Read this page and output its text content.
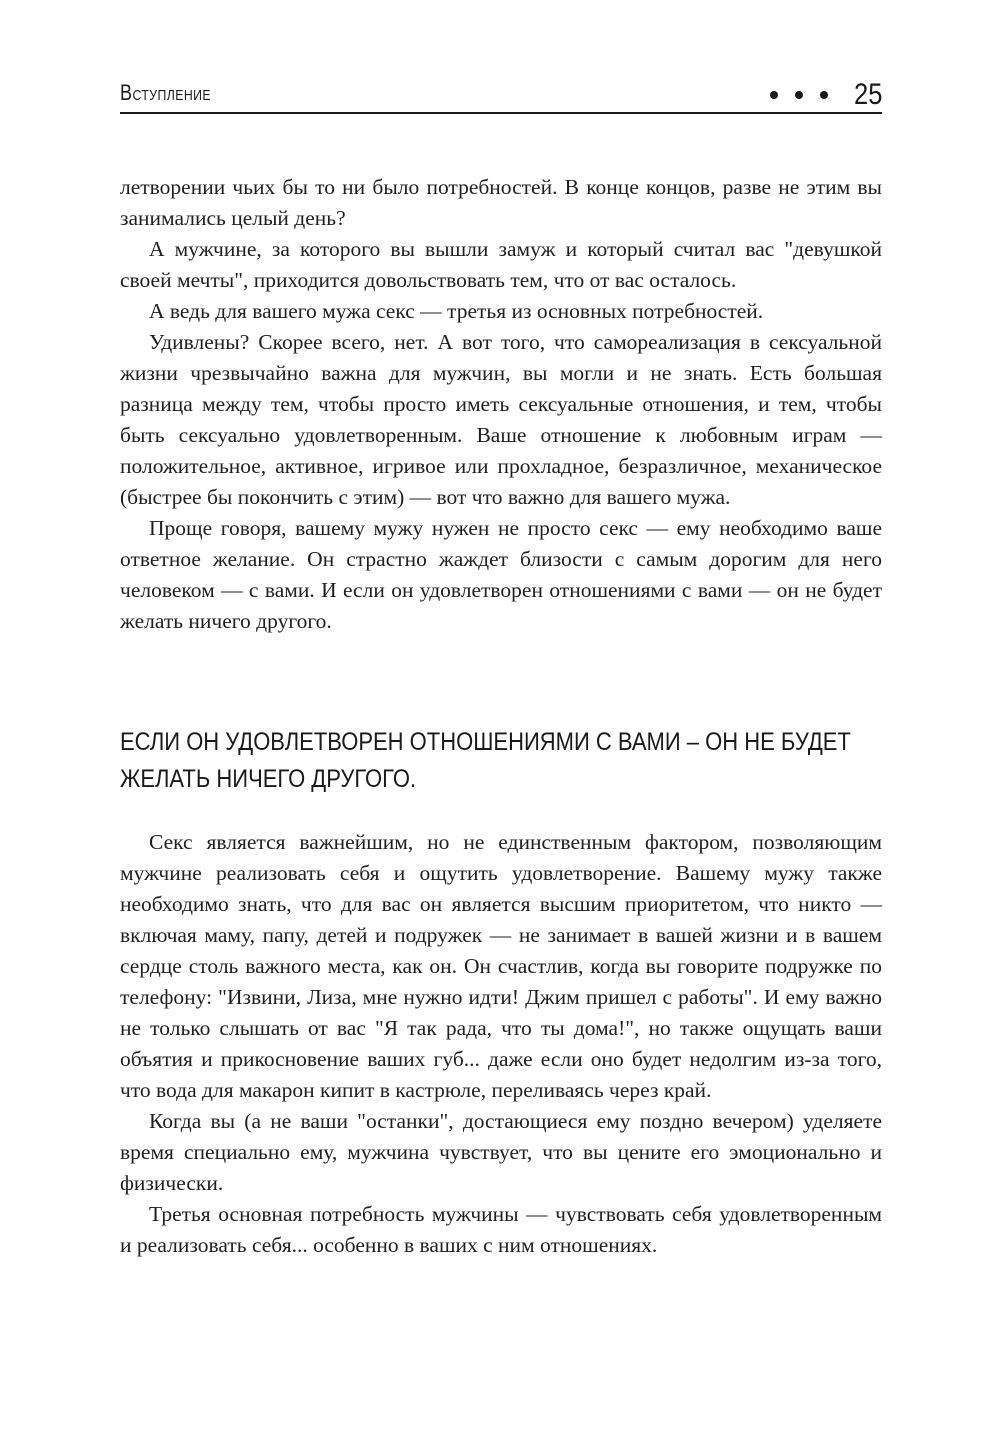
Вступление	25

летворении чьих бы то ни было потребностей. В конце концов, разве не этим вы занимались целый день?

А мужчине, за которого вы вышли замуж и который считал вас "девушкой своей мечты", приходится довольствовать тем, что от вас осталось.

А ведь для вашего мужа секс — третья из основных потребностей.

Удивлены? Скорее всего, нет. А вот того, что самореализация в сексуальной жизни чрезвычайно важна для мужчин, вы могли и не знать. Есть большая разница между тем, чтобы просто иметь сексуальные отношения, и тем, чтобы быть сексуально удовлетворенным. Ваше отношение к любовным играм — положительное, активное, игривое или прохладное, безразличное, механическое (быстрее бы покончить с этим) — вот что важно для вашего мужа.

Проще говоря, вашему мужу нужен не просто секс — ему необходимо ваше ответное желание. Он страстно жаждет близости с самым дорогим для него человеком — с вами. И если он удовлетворен отношениями с вами — он не будет желать ничего другого.

ЕСЛИ ОН УДОВЛЕТВОРЕН ОТНОШЕНИЯМИ С ВАМИ – ОН НЕ БУДЕТ
ЖЕЛАТЬ НИЧЕГО ДРУГОГО.

Секс является важнейшим, но не единственным фактором, позволяющим мужчине реализовать себя и ощутить удовлетворение. Вашему мужу также необходимо знать, что для вас он является высшим приоритетом, что никто — включая маму, папу, детей и подружек — не занимает в вашей жизни и в вашем сердце столь важного места, как он. Он счастлив, когда вы говорите подружке по телефону: "Извини, Лиза, мне нужно идти! Джим пришел с работы". И ему важно не только слышать от вас "Я так рада, что ты дома!", но также ощущать ваши объятия и прикосновение ваших губ... даже если оно будет недолгим из-за того, что вода для макарон кипит в кастрюле, переливаясь через край.

Когда вы (а не ваши "останки", достающиеся ему поздно вечером) уделяете время специально ему, мужчина чувствует, что вы цените его эмоционально и физически.

Третья основная потребность мужчины — чувствовать себя удовлетворенным и реализовать себя... особенно в ваших с ним отношениях.
